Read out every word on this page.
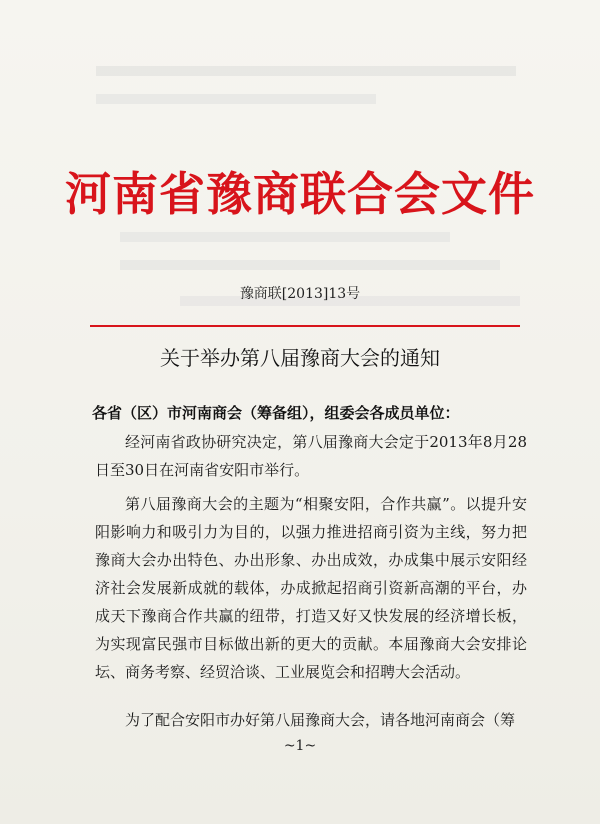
河南省豫商联合会文件
豫商联[2013]13号
关于举办第八届豫商大会的通知
各省（区）市河南商会（筹备组），组委会各成员单位：
经河南省政协研究决定，第八届豫商大会定于2013年8月28日至30日在河南省安阳市举行。
第八届豫商大会的主题为“相聚安阳，合作共赢”。以提升安阳影响力和吸引力为目的，以强力推进招商引资为主线，努力把豫商大会办出特色、办出形象、办出成效，办成集中展示安阳经济社会发展新成就的载体，办成掀起招商引资新高潮的平台，办成天下豫商合作共赢的纽带，打造又好又快发展的经济增长板，为实现富民强市目标做出新的更大的贡献。本届豫商大会安排论坛、商务考察、经贸洽谈、工业展览会和招聘大会活动。
为了配合安阳市办好第八届豫商大会，请各地河南商会（筹
~1~
